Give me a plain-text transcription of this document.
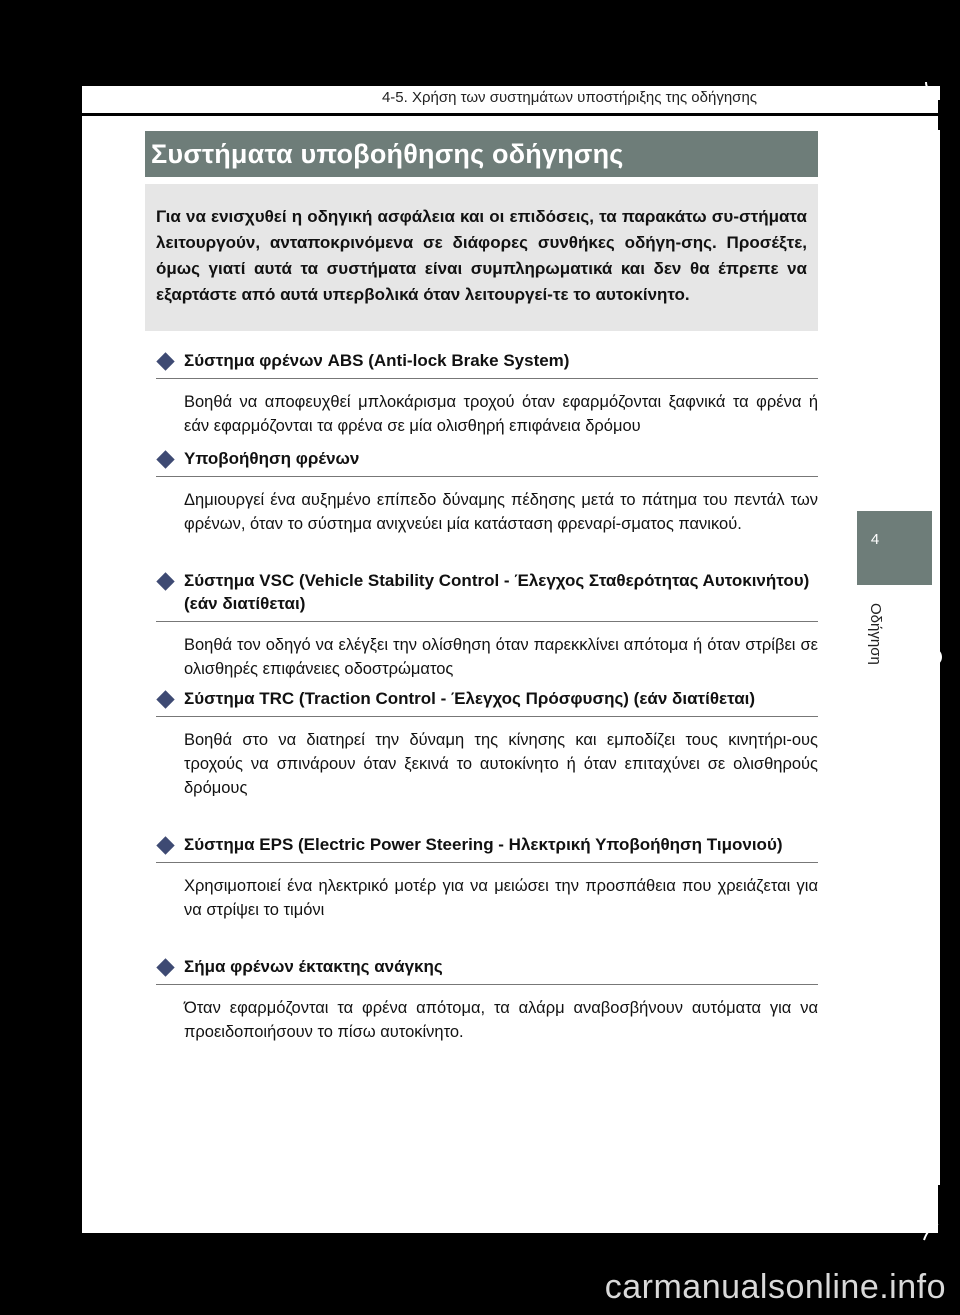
4-5. Χρήση των συστημάτων υποστήριξης της οδήγησης
Συστήματα υποβοήθησης οδήγησης

Για να ενισχυθεί η οδηγική ασφάλεια και οι επιδόσεις, τα παρακάτω συ-στήματα λειτουργούν, ανταποκρινόμενα σε διάφορες συνθήκες οδήγη-σης. Προσέξτε, όμως γιατί αυτά τα συστήματα είναι συμπληρωματικά και δεν θα έπρεπε να εξαρτάστε από αυτά υπερβολικά όταν λειτουργεί-τε το αυτοκίνητο.

Σύστημα φρένων ABS (Anti-lock Brake System)
Βοηθά να αποφευχθεί μπλοκάρισμα τροχού όταν εφαρμόζονται ξαφνικά τα φρένα ή εάν εφαρμόζονται τα φρένα σε μία ολισθηρή επιφάνεια δρόμου
Υποβοήθηση φρένων
Δημιουργεί ένα αυξημένο επίπεδο δύναμης πέδησης μετά το πάτημα του πεντάλ των φρένων, όταν το σύστημα ανιχνεύει μία κατάσταση φρεναρί-σματος πανικού.
Σύστημα VSC (Vehicle Stability Control - Έλεγχος Σταθερότητας Αυτοκινήτου) (εάν διατίθεται)
Βοηθά τον οδηγό να ελέγξει την ολίσθηση όταν παρεκκλίνει απότομα ή όταν στρίβει σε ολισθηρές επιφάνειες οδοστρώματος
Σύστημα TRC (Traction Control - Έλεγχος Πρόσφυσης) (εάν διατίθεται)
Βοηθά στο να διατηρεί την δύναμη της κίνησης και εμποδίζει τους κινητήρι-ους τροχούς να σπινάρουν όταν ξεκινά το αυτοκίνητο ή όταν επιταχύνει σε ολισθηρούς δρόμους
Σύστημα EPS (Electric Power Steering - Ηλεκτρική Υποβοήθηση Τιμονιού)
Χρησιμοποιεί ένα ηλεκτρικό μοτέρ για να μειώσει την προσπάθεια που χρειάζεται για να στρίψει το τιμόνι
Σήμα φρένων έκτακτης ανάγκης
Όταν εφαρμόζονται τα φρένα απότομα, τα αλάρμ αναβοσβήνουν αυτόματα για να προειδοποιήσουν το πίσω αυτοκίνητο.
4
Οδήγηση
carmanualsonline.info
